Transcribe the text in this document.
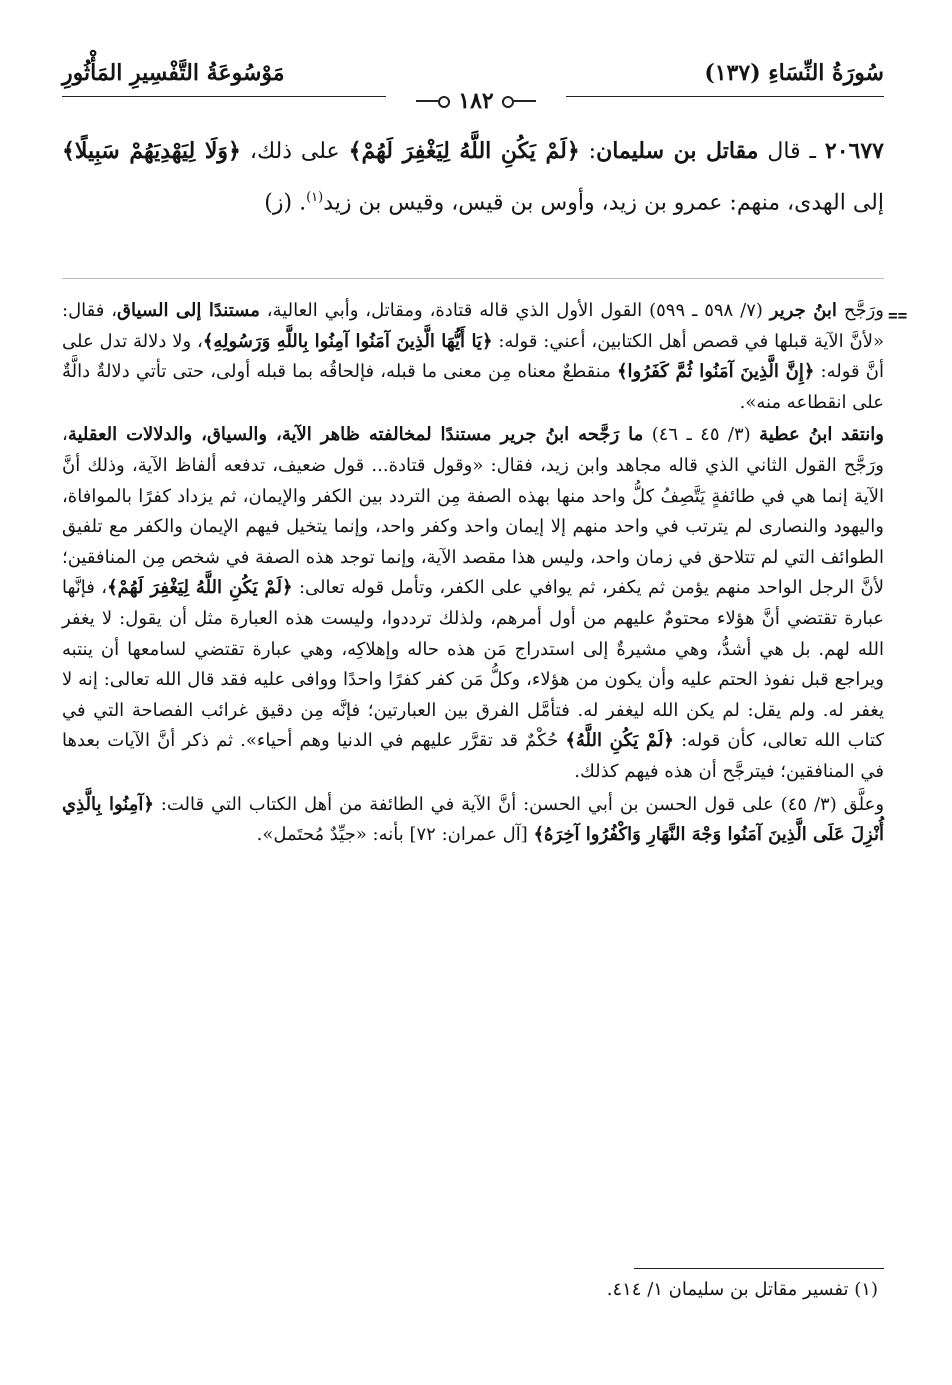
سُورَةُ النِّسَاءِ (١٣٧)
مَوْسُوعَةُ التَّفْسِيرِ المَأْثُورِ
١٨٢
٢٠٦٧٧ ـ قال مقاتل بن سليمان: ﴿لَمْ يَكُنِ اللَّهُ لِيَغْفِرَ لَهُمْ﴾ على ذلك، ﴿وَلَا لِيَهْدِيَهُمْ سَبِيلًا﴾ إلى الهدى، منهم: عمرو بن زيد، وأوس بن قيس، وقيس بن زيد$^{(١)}$. (ز)
==

ورَجَّح ابنُ جرير (٧/ ٥٩٨ ـ ٥٩٩) القول الأول الذي قاله قتادة، ومقاتل، وأبي العالية، مستندًا إلى السياق، فقال: «لأنَّ الآية قبلها في قصص أهل الكتابين، أعني: قوله: ﴿يَا أَيُّهَا الَّذِينَ آمَنُوا آمِنُوا بِاللَّهِ وَرَسُولِهِ﴾، ولا دلالة تدل على أنَّ قوله: ﴿إِنَّ الَّذِينَ آمَنُوا ثُمَّ كَفَرُوا﴾ منقطعٌ معناه مِن معنى ما قبله، فإلحاقُه بما قبله أولى، حتى تأتي دلالةٌ دالَّةٌ على انقطاعه منه».

وانتقد ابنُ عطية (٣/ ٤٥ ـ ٤٦) ما رَجَّحه ابنُ جرير مستندًا لمخالفته ظاهر الآية، والسياق، والدلالات العقلية، ورَجَّح القول الثاني الذي قاله مجاهد وابن زيد، فقال: «وقول قتادة... قول ضعيف، تدفعه ألفاظ الآية، وذلك أنَّ الآية إنما هي في طائفةٍ يَتَّصِفُ كلُّ واحد منها بهذه الصفة مِن التردد بين الكفر والإيمان، ثم يزداد كفرًا بالموافاة، واليهود والنصارى لم يترتب في واحد منهم إلا إيمان واحد وكفر واحد، وإنما يتخيل فيهم الإيمان والكفر مع تلفيق الطوائف التي لم تتلاحق في زمان واحد، وليس هذا مقصد الآية، وإنما توجد هذه الصفة في شخص مِن المنافقين؛ لأنَّ الرجل الواحد منهم يؤمن ثم يكفر، ثم يوافي على الكفر، وتأمل قوله تعالى: ﴿لَمْ يَكُنِ اللَّهُ لِيَغْفِرَ لَهُمْ﴾، فإنَّها عبارة تقتضي أنَّ هؤلاء محتومٌ عليهم من أول أمرهم، ولذلك ترددوا، وليست هذه العبارة مثل أن يقول: لا يغفر الله لهم. بل هي أشدُّ، وهي مشيرةٌ إلى استدراج مَن هذه حاله وإهلاكِه، وهي عبارة تقتضي لسامعها أن ينتبه ويراجع قبل نفوذ الحتم عليه وأن يكون من هؤلاء، وكلُّ مَن كفر كفرًا واحدًا ووافى عليه فقد قال الله تعالى: إنه لا يغفر له. ولم يقل: لم يكن الله ليغفر له. فتأمَّل الفرق بين العبارتين؛ فإنَّه مِن دقيق غرائب الفصاحة التي في كتاب الله تعالى، كأن قوله: ﴿لَمْ يَكُنِ اللَّهُ﴾ حُكْمٌ قد تقرَّر عليهم في الدنيا وهم أحياء». ثم ذكر أنَّ الآيات بعدها في المنافقين؛ فيترجَّح أن هذه فيهم كذلك.

وعلَّق (٣/ ٤٥) على قول الحسن بن أبي الحسن: أنَّ الآية في الطائفة من أهل الكتاب التي قالت: ﴿آمِنُوا بِالَّذِي أُنْزِلَ عَلَى الَّذِينَ آمَنُوا وَجْهَ النَّهَارِ وَاكْفُرُوا آخِرَهُ﴾ [آل عمران: ٧٢] بأنه: «جيِّدٌ مُحتَمل».

(١) تفسير مقاتل بن سليمان ١/ ٤١٤.
